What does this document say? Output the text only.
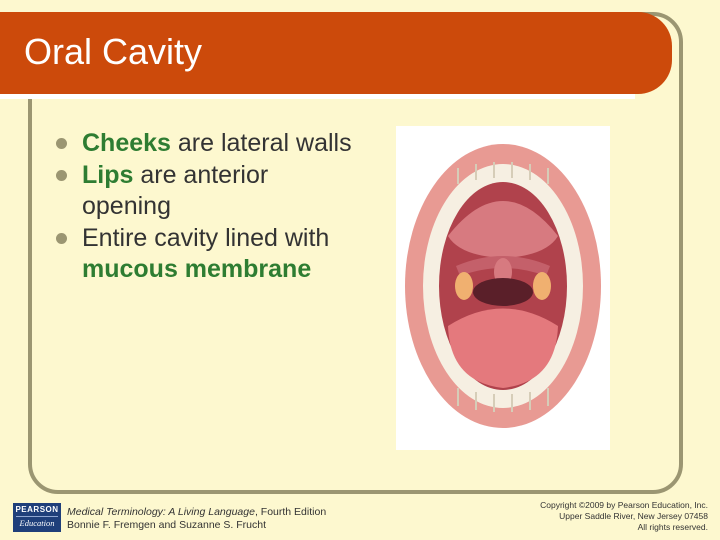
Oral Cavity
Cheeks are lateral walls
Lips are anterior opening
Entire cavity lined with mucous membrane
PEARSON
Education
Medical Terminology: A Living Language, Fourth Edition
Bonnie F. Fremgen and Suzanne S. Frucht
Copyright ©2009 by Pearson Education, Inc.
Upper Saddle River, New Jersey 07458
All rights reserved.
